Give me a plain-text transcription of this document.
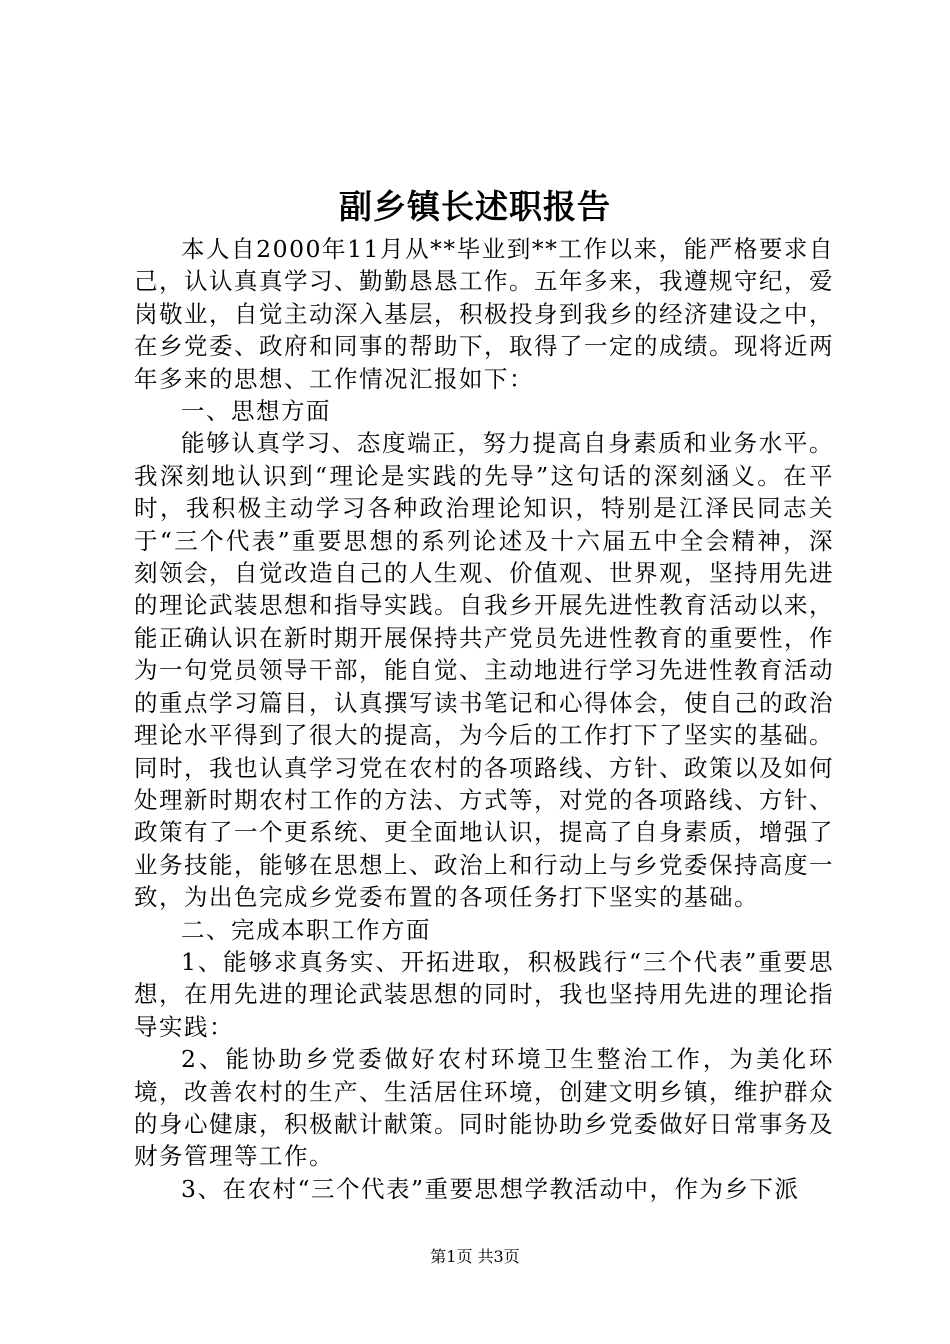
副乡镇长述职报告

本人自2000年11月从**毕业到**工作以来，能严格要求自己，认认真真学习、勤勤恳恳工作。五年多来，我遵规守纪，爱岗敬业，自觉主动深入基层，积极投身到我乡的经济建设之中，在乡党委、政府和同事的帮助下，取得了一定的成绩。现将近两年多来的思想、工作情况汇报如下：

一、思想方面

能够认真学习、态度端正，努力提高自身素质和业务水平。我深刻地认识到“理论是实践的先导”这句话的深刻涵义。在平时，我积极主动学习各种政治理论知识，特别是江泽民同志关于“三个代表”重要思想的系列论述及十六届五中全会精神，深刻领会，自觉改造自己的人生观、价值观、世界观，坚持用先进的理论武装思想和指导实践。自我乡开展先进性教育活动以来，能正确认识在新时期开展保持共产党员先进性教育的重要性，作为一句党员领导干部，能自觉、主动地进行学习先进性教育活动的重点学习篇目，认真撰写读书笔记和心得体会，使自己的政治理论水平得到了很大的提高，为今后的工作打下了坚实的基础。同时，我也认真学习党在农村的各项路线、方针、政策以及如何处理新时期农村工作的方法、方式等，对党的各项路线、方针、政策有了一个更系统、更全面地认识，提高了自身素质，增强了业务技能，能够在思想上、政治上和行动上与乡党委保持高度一致，为出色完成乡党委布置的各项任务打下坚实的基础。

二、完成本职工作方面

1、能够求真务实、开拓进取，积极践行“三个代表”重要思想，在用先进的理论武装思想的同时，我也坚持用先进的理论指导实践：

2、能协助乡党委做好农村环境卫生整治工作，为美化环境，改善农村的生产、生活居住环境，创建文明乡镇，维护群众的身心健康，积极献计献策。同时能协助乡党委做好日常事务及财务管理等工作。

3、在农村“三个代表”重要思想学教活动中，作为乡下派

第1页 共3页
